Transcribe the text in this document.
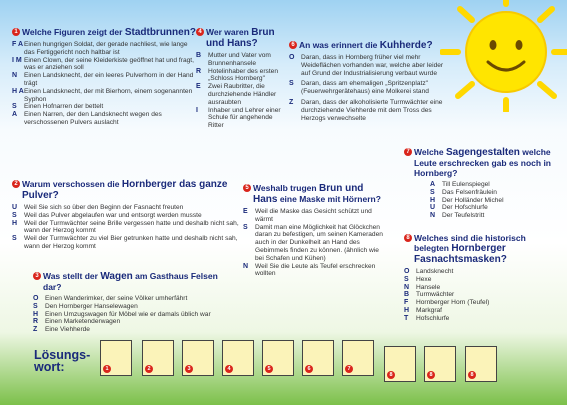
1 Welche Figuren zeigt der Stadtbrunnen?
F A Einen hungrigen Soldat, der gerade nachliest, wie lange das Fertiggericht noch haltbar ist
I M Einen Clown, der seine Kleiderkiste geöffnet hat und fragt, was er anziehen soll
N	Einen Landsknecht, der ein leeres Pulverhorn in der Hand trägt
H A Einen Landsknecht, der mit Bierhorn, einem sogenannten Syphon
S	Einen Hofnarren der bettelt
A	Einen Narren, der den Landsknecht wegen des verschossenen Pulvers auslacht
2 Warum verschossen die Hornberger das ganze Pulver?
U	Weil Sie sich so über den Beginn der Fasnacht freuten
S	Weil das Pulver abgelaufen war und entsorgt werden musste
H	Weil der Turmwächter seine Brille vergessen hatte und deshalb nicht sah, wann der Herzog kommt
S	Weil der Turmwächter zu viel Bier getrunken hatte und deshalb nicht sah, wann der Herzog kommt
3 Was stellt der Wagen am Gasthaus Felsen dar?
O Einen Wanderimker, der seine Völker umherfährt
S	Den Hornberger Hanselewagen
H	Einen Umzugswagen für Möbel wie er damals üblich war
R	Einen Marketenderwagen
Z	Eine Viehherde
4 Wer waren Brun und Hans?
B	Mutter und Vater vom Brunnenhansele
R	Hotelinhaber des ersten „Schloss Hornberg"
E	Zwei Raubritter, die durchziehende Händler ausraubten
I	Inhaber und Lehrer einer Schule für angehende Ritter
5 Weshalb trugen Brun und Hans eine Maske mit Hörnern?
E	Weil die Maske das Gesicht schützt und wärmt
S	Damit man eine Möglichkeit hat Glöckchen daran zu befestigen, um seinen Kameraden auch in der Dunkelheit an Hand des Gebimmels finden zu können. (ähnlich wie bei Schafen und Kühen)
N	Weil Sie die Leute als Teufel erschrecken wollten
6 An was erinnert die Kuhherde?
O Daran, dass in Hornberg früher viel mehr Weideflächen vorhanden war, welche aber leider auf Grund der Industrialisierung verbaut wurde
S	Daran, dass am ehemaligen „Spritzenplatz" (Feuerwehrgerätehaus) eine Molkerei stand
Z	Daran, dass der alkoholisierte Turmwächter eine durchziehende Viehherde mit dem Tross des Herzogs verwechselte
7 Welche Sagengestalten welche Leute erschrecken gab es noch in Hornberg?
A	Till Eulenspiegel
S	Das Felsenfräulein
H	Der Holländer Michel
U	Der Hofschlurfe
N	Der Teufelstritt
8 Welches sind die historisch belegten Hornberger Fasnachtsmasken?
O Landsknecht
S	Hexe
N	Hansele
B	Turmwächter
F	Hornberger Horn (Teufel)
H	Markgraf
T	Hofschlurfe
Lösungs- wort:	1	2	3	4	5	6	7
8	8	8
